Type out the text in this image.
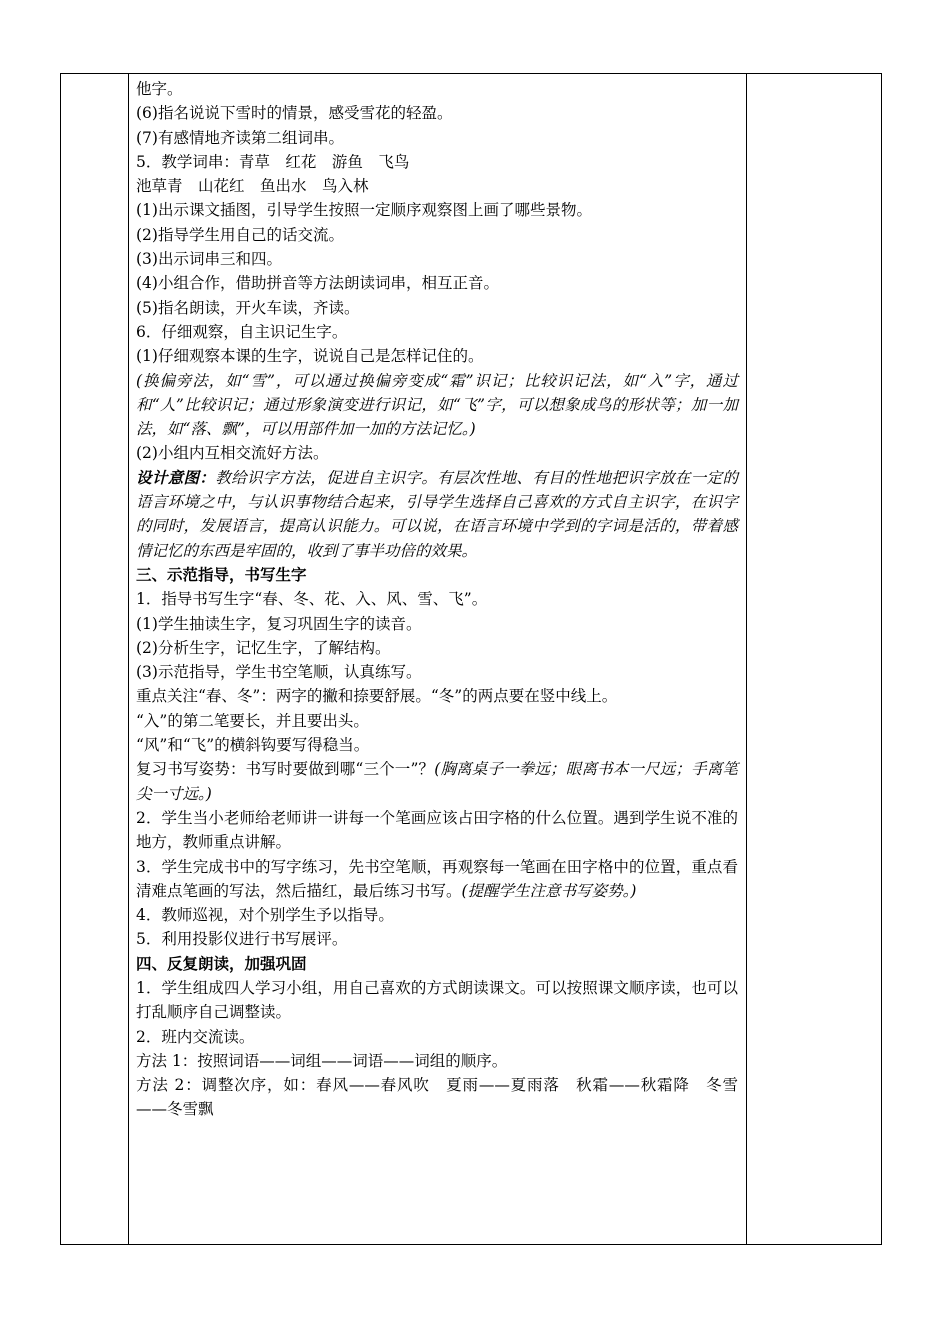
他字。

(6)指名说说下雪时的情景，感受雪花的轻盈。

(7)有感情地齐读第二组词串。

5．教学词串：青草　红花　游鱼　飞鸟

池草青　山花红　鱼出水　鸟入林

(1)出示课文插图，引导学生按照一定顺序观察图上画了哪些景物。

(2)指导学生用自己的话交流。

(3)出示词串三和四。

(4)小组合作，借助拼音等方法朗读词串，相互正音。

(5)指名朗读，开火车读，齐读。

6．仔细观察，自主识记生字。

(1)仔细观察本课的生字，说说自己是怎样记住的。

(换偏旁法，如“雪”，可以通过换偏旁变成“霜”识记；比较识记法，如“入”字，通过和“人”比较识记；通过形象演变进行识记，如“飞”字，可以想象成鸟的形状等；加一加法，如“落、飘”，可以用部件加一加的方法记忆。)

(2)小组内互相交流好方法。

设计意图：教给识字方法，促进自主识字。有层次性地、有目的性地把识字放在一定的语言环境之中，与认识事物结合起来，引导学生选择自己喜欢的方式自主识字，在识字的同时，发展语言，提高认识能力。可以说，在语言环境中学到的字词是活的，带着感情记忆的东西是牢固的，收到了事半功倍的效果。

三、示范指导，书写生字

1．指导书写生字“春、冬、花、入、风、雪、飞”。

(1)学生抽读生字，复习巩固生字的读音。

(2)分析生字，记忆生字，了解结构。

(3)示范指导，学生书空笔顺，认真练写。

重点关注“春、冬”：两字的撇和捺要舒展。“冬”的两点要在竖中线上。

“入”的第二笔要长，并且要出头。

“风”和“飞”的横斜钩要写得稳当。

复习书写姿势：书写时要做到哪“三个一”？(胸离桌子一拳远；眼离书本一尺远；手离笔尖一寸远。)

2．学生当小老师给老师讲一讲每一个笔画应该占田字格的什么位置。遇到学生说不准的地方，教师重点讲解。

3．学生完成书中的写字练习，先书空笔顺，再观察每一笔画在田字格中的位置，重点看清难点笔画的写法，然后描红，最后练习书写。(提醒学生注意书写姿势。)

4．教师巡视，对个别学生予以指导。

5．利用投影仪进行书写展评。

四、反复朗读，加强巩固

1．学生组成四人学习小组，用自己喜欢的方式朗读课文。可以按照课文顺序读，也可以打乱顺序自己调整读。

2．班内交流读。

方法 1：按照词语——词组——词语——词组的顺序。

方法 2：调整次序，如：春风——春风吹　夏雨——夏雨落　秋霜——秋霜降　冬雪——冬雪飘
